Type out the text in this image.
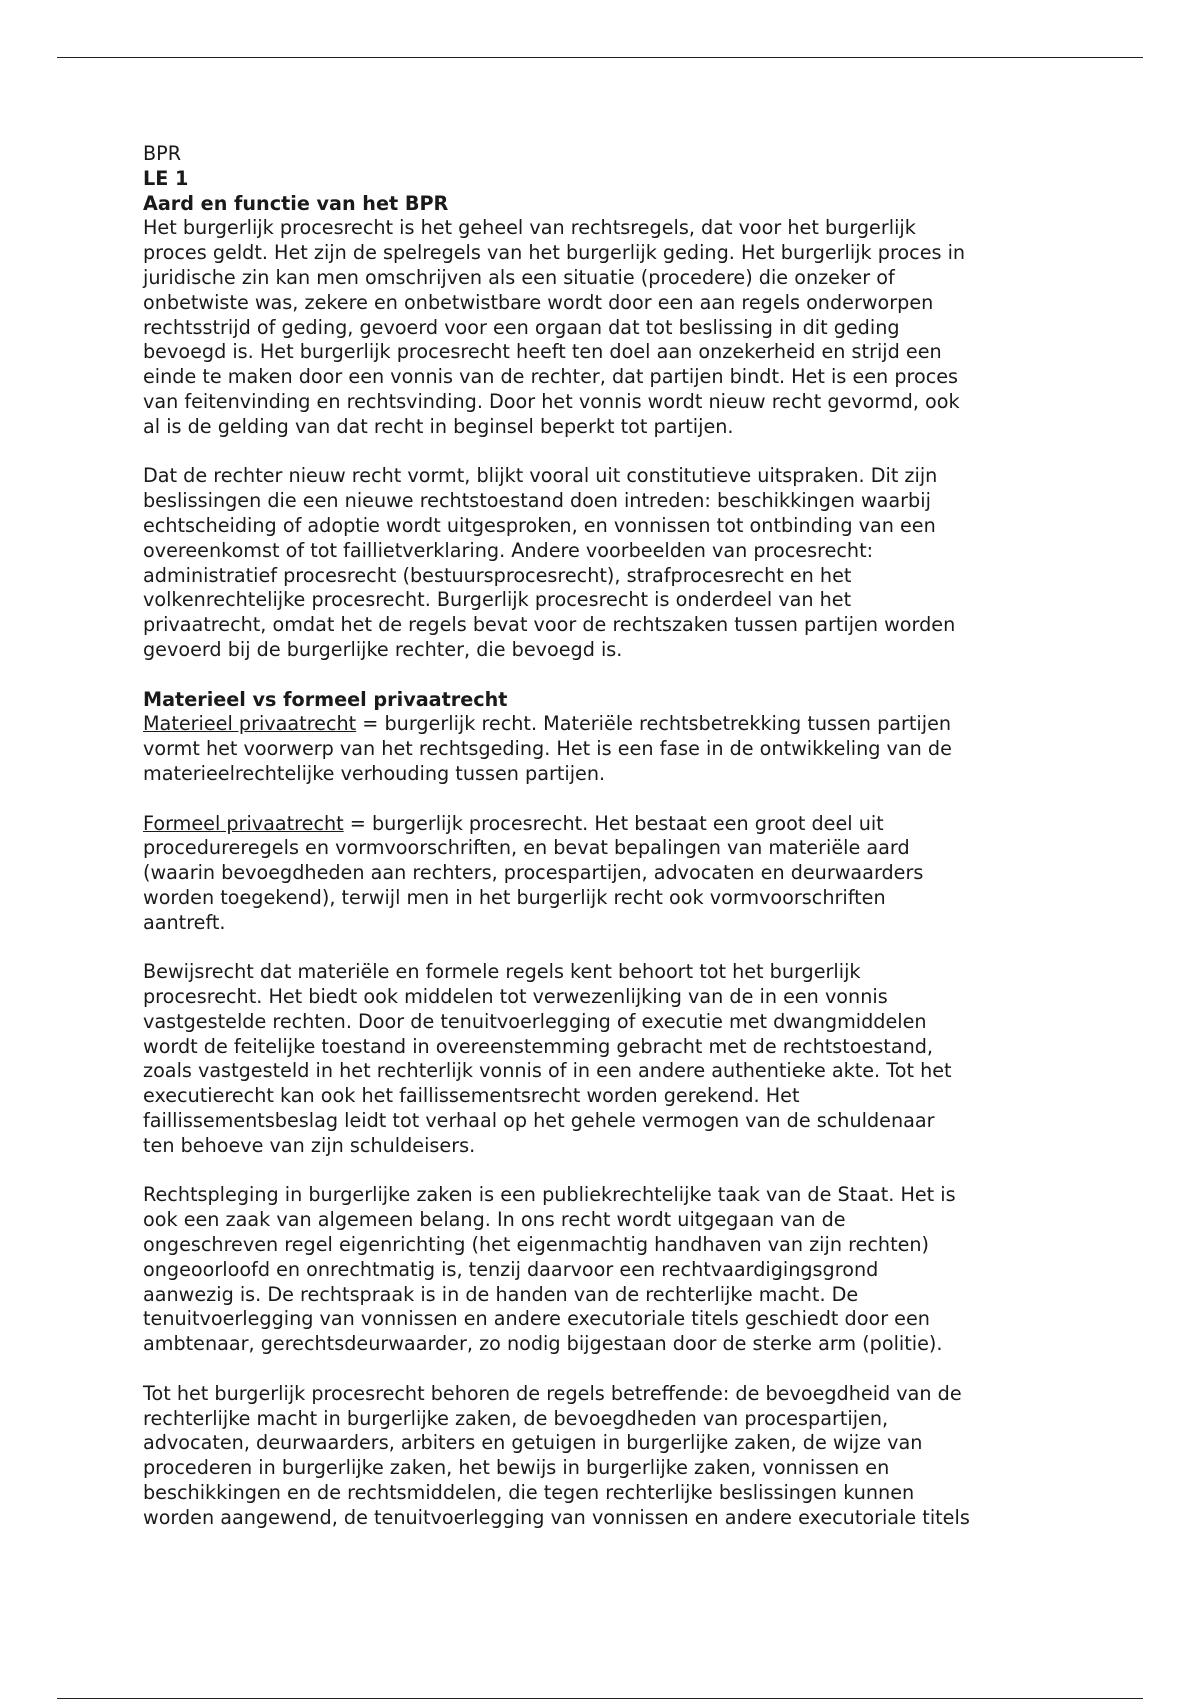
BPR

LE 1

Aard en functie van het BPR

Het burgerlijk procesrecht is het geheel van rechtsregels, dat voor het burgerlijk
proces geldt. Het zijn de spelregels van het burgerlijk geding. Het burgerlijk proces in
juridische zin kan men omschrijven als een situatie (procedere) die onzeker of
onbetwiste was, zekere en onbetwistbare wordt door een aan regels onderworpen
rechtsstrijd of geding, gevoerd voor een orgaan dat tot beslissing in dit geding
bevoegd is. Het burgerlijk procesrecht heeft ten doel aan onzekerheid en strijd een
einde te maken door een vonnis van de rechter, dat partijen bindt. Het is een proces
van feitenvinding en rechtsvinding. Door het vonnis wordt nieuw recht gevormd, ook
al is de gelding van dat recht in beginsel beperkt tot partijen.

Dat de rechter nieuw recht vormt, blijkt vooral uit constitutieve uitspraken. Dit zijn
beslissingen die een nieuwe rechtstoestand doen intreden: beschikkingen waarbij
echtscheiding of adoptie wordt uitgesproken, en vonnissen tot ontbinding van een
overeenkomst of tot faillietverklaring. Andere voorbeelden van procesrecht:
administratief procesrecht (bestuursprocesrecht), strafprocesrecht en het
volkenrechtelijke procesrecht. Burgerlijk procesrecht is onderdeel van het
privaatrecht, omdat het de regels bevat voor de rechtszaken tussen partijen worden
gevoerd bij de burgerlijke rechter, die bevoegd is.

Materieel vs formeel privaatrecht

Materieel privaatrecht = burgerlijk recht. Materiële rechtsbetrekking tussen partijen
vormt het voorwerp van het rechtsgeding. Het is een fase in de ontwikkeling van de
materieelrechtelijke verhouding tussen partijen.

Formeel privaatrecht = burgerlijk procesrecht. Het bestaat een groot deel uit
procedureregels en vormvoorschriften, en bevat bepalingen van materiële aard
(waarin bevoegdheden aan rechters, procespartijen, advocaten en deurwaarders
worden toegekend), terwijl men in het burgerlijk recht ook vormvoorschriften
aantreft.

Bewijsrecht dat materiële en formele regels kent behoort tot het burgerlijk
procesrecht. Het biedt ook middelen tot verwezenlijking van de in een vonnis
vastgestelde rechten. Door de tenuitvoerlegging of executie met dwangmiddelen
wordt de feitelijke toestand in overeenstemming gebracht met de rechtstoestand,
zoals vastgesteld in het rechterlijk vonnis of in een andere authentieke akte. Tot het
executierecht kan ook het faillissementsrecht worden gerekend. Het
faillissementsbeslag leidt tot verhaal op het gehele vermogen van de schuldenaar
ten behoeve van zijn schuldeisers.

Rechtspleging in burgerlijke zaken is een publiekrechtelijke taak van de Staat. Het is
ook een zaak van algemeen belang. In ons recht wordt uitgegaan van de
ongeschreven regel eigenrichting (het eigenmachtig handhaven van zijn rechten)
ongeoorloofd en onrechtmatig is, tenzij daarvoor een rechtvaardigingsgrond
aanwezig is. De rechtspraak is in de handen van de rechterlijke macht. De
tenuitvoerlegging van vonnissen en andere executoriale titels geschiedt door een
ambtenaar, gerechtsdeurwaarder, zo nodig bijgestaan door de sterke arm (politie).

Tot het burgerlijk procesrecht behoren de regels betreffende: de bevoegdheid van de
rechterlijke macht in burgerlijke zaken, de bevoegdheden van procespartijen,
advocaten, deurwaarders, arbiters en getuigen in burgerlijke zaken, de wijze van
procederen in burgerlijke zaken, het bewijs in burgerlijke zaken, vonnissen en
beschikkingen en de rechtsmiddelen, die tegen rechterlijke beslissingen kunnen
worden aangewend, de tenuitvoerlegging van vonnissen en andere executoriale titels
